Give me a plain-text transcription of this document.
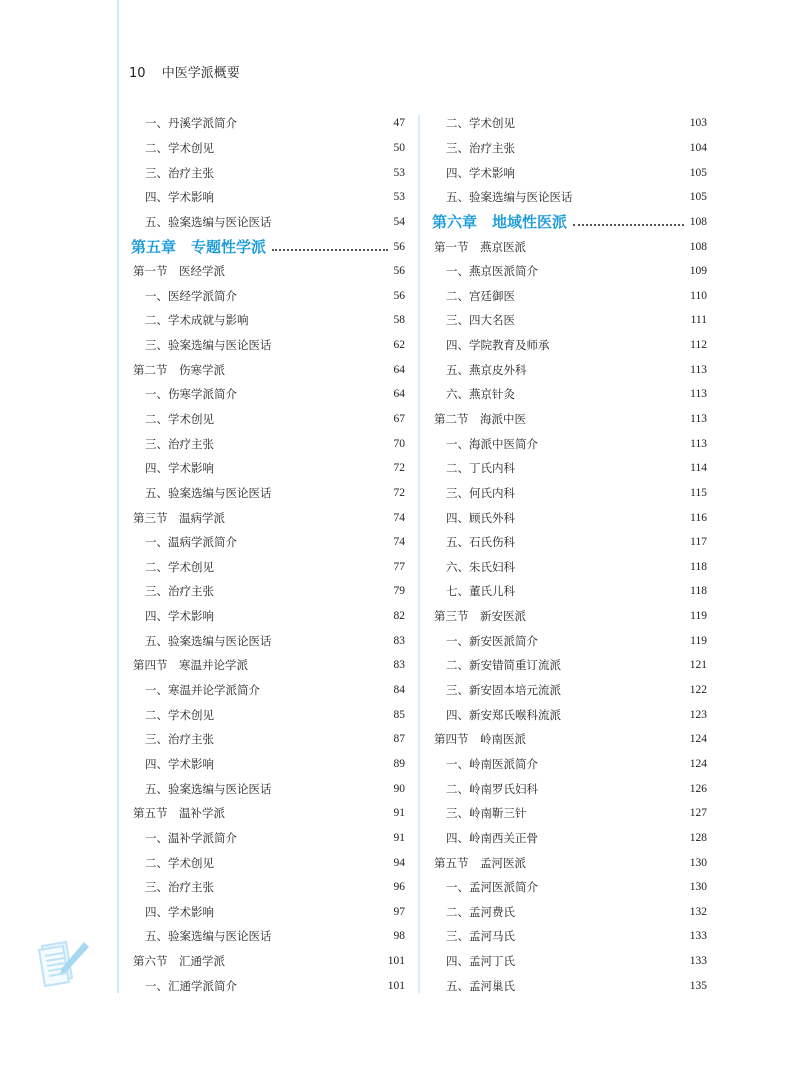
10 中医学派概要
一、丹溪学派简介	47
二、学术创见	50
三、治疗主张	53
四、学术影响	53
五、验案选编与医论医话	54
第五章　专题性学派	56
第一节　医经学派	56
一、医经学派简介	56
二、学术成就与影响	58
三、验案选编与医论医话	62
第二节　伤寒学派	64
一、伤寒学派简介	64
二、学术创见	67
三、治疗主张	70
四、学术影响	72
五、验案选编与医论医话	72
第三节　温病学派	74
一、温病学派简介	74
二、学术创见	77
三、治疗主张	79
四、学术影响	82
五、验案选编与医论医话	83
第四节　寒温并论学派	83
一、寒温并论学派简介	84
二、学术创见	85
三、治疗主张	87
四、学术影响	89
五、验案选编与医论医话	90
第五节　温补学派	91
一、温补学派简介	91
二、学术创见	94
三、治疗主张	96
四、学术影响	97
五、验案选编与医论医话	98
第六节　汇通学派	101
一、汇通学派简介	101
二、学术创见	103
三、治疗主张	104
四、学术影响	105
五、验案选编与医论医话	105
第六章　地域性医派	108
第一节　燕京医派	108
一、燕京医派简介	109
二、宫廷御医	110
三、四大名医	111
四、学院教育及师承	112
五、燕京皮外科	113
六、燕京针灸	113
第二节　海派中医	113
一、海派中医简介	113
二、丁氏内科	114
三、何氏内科	115
四、顾氏外科	116
五、石氏伤科	117
六、朱氏妇科	118
七、董氏儿科	118
第三节　新安医派	119
一、新安医派简介	119
二、新安错简重订流派	121
三、新安固本培元流派	122
四、新安郑氏喉科流派	123
第四节　岭南医派	124
一、岭南医派简介	124
二、岭南罗氏妇科	126
三、岭南靳三针	127
四、岭南西关正骨	128
第五节　孟河医派	130
一、孟河医派简介	130
二、孟河费氏	132
三、孟河马氏	133
四、孟河丁氏	133
五、孟河巢氏	135
